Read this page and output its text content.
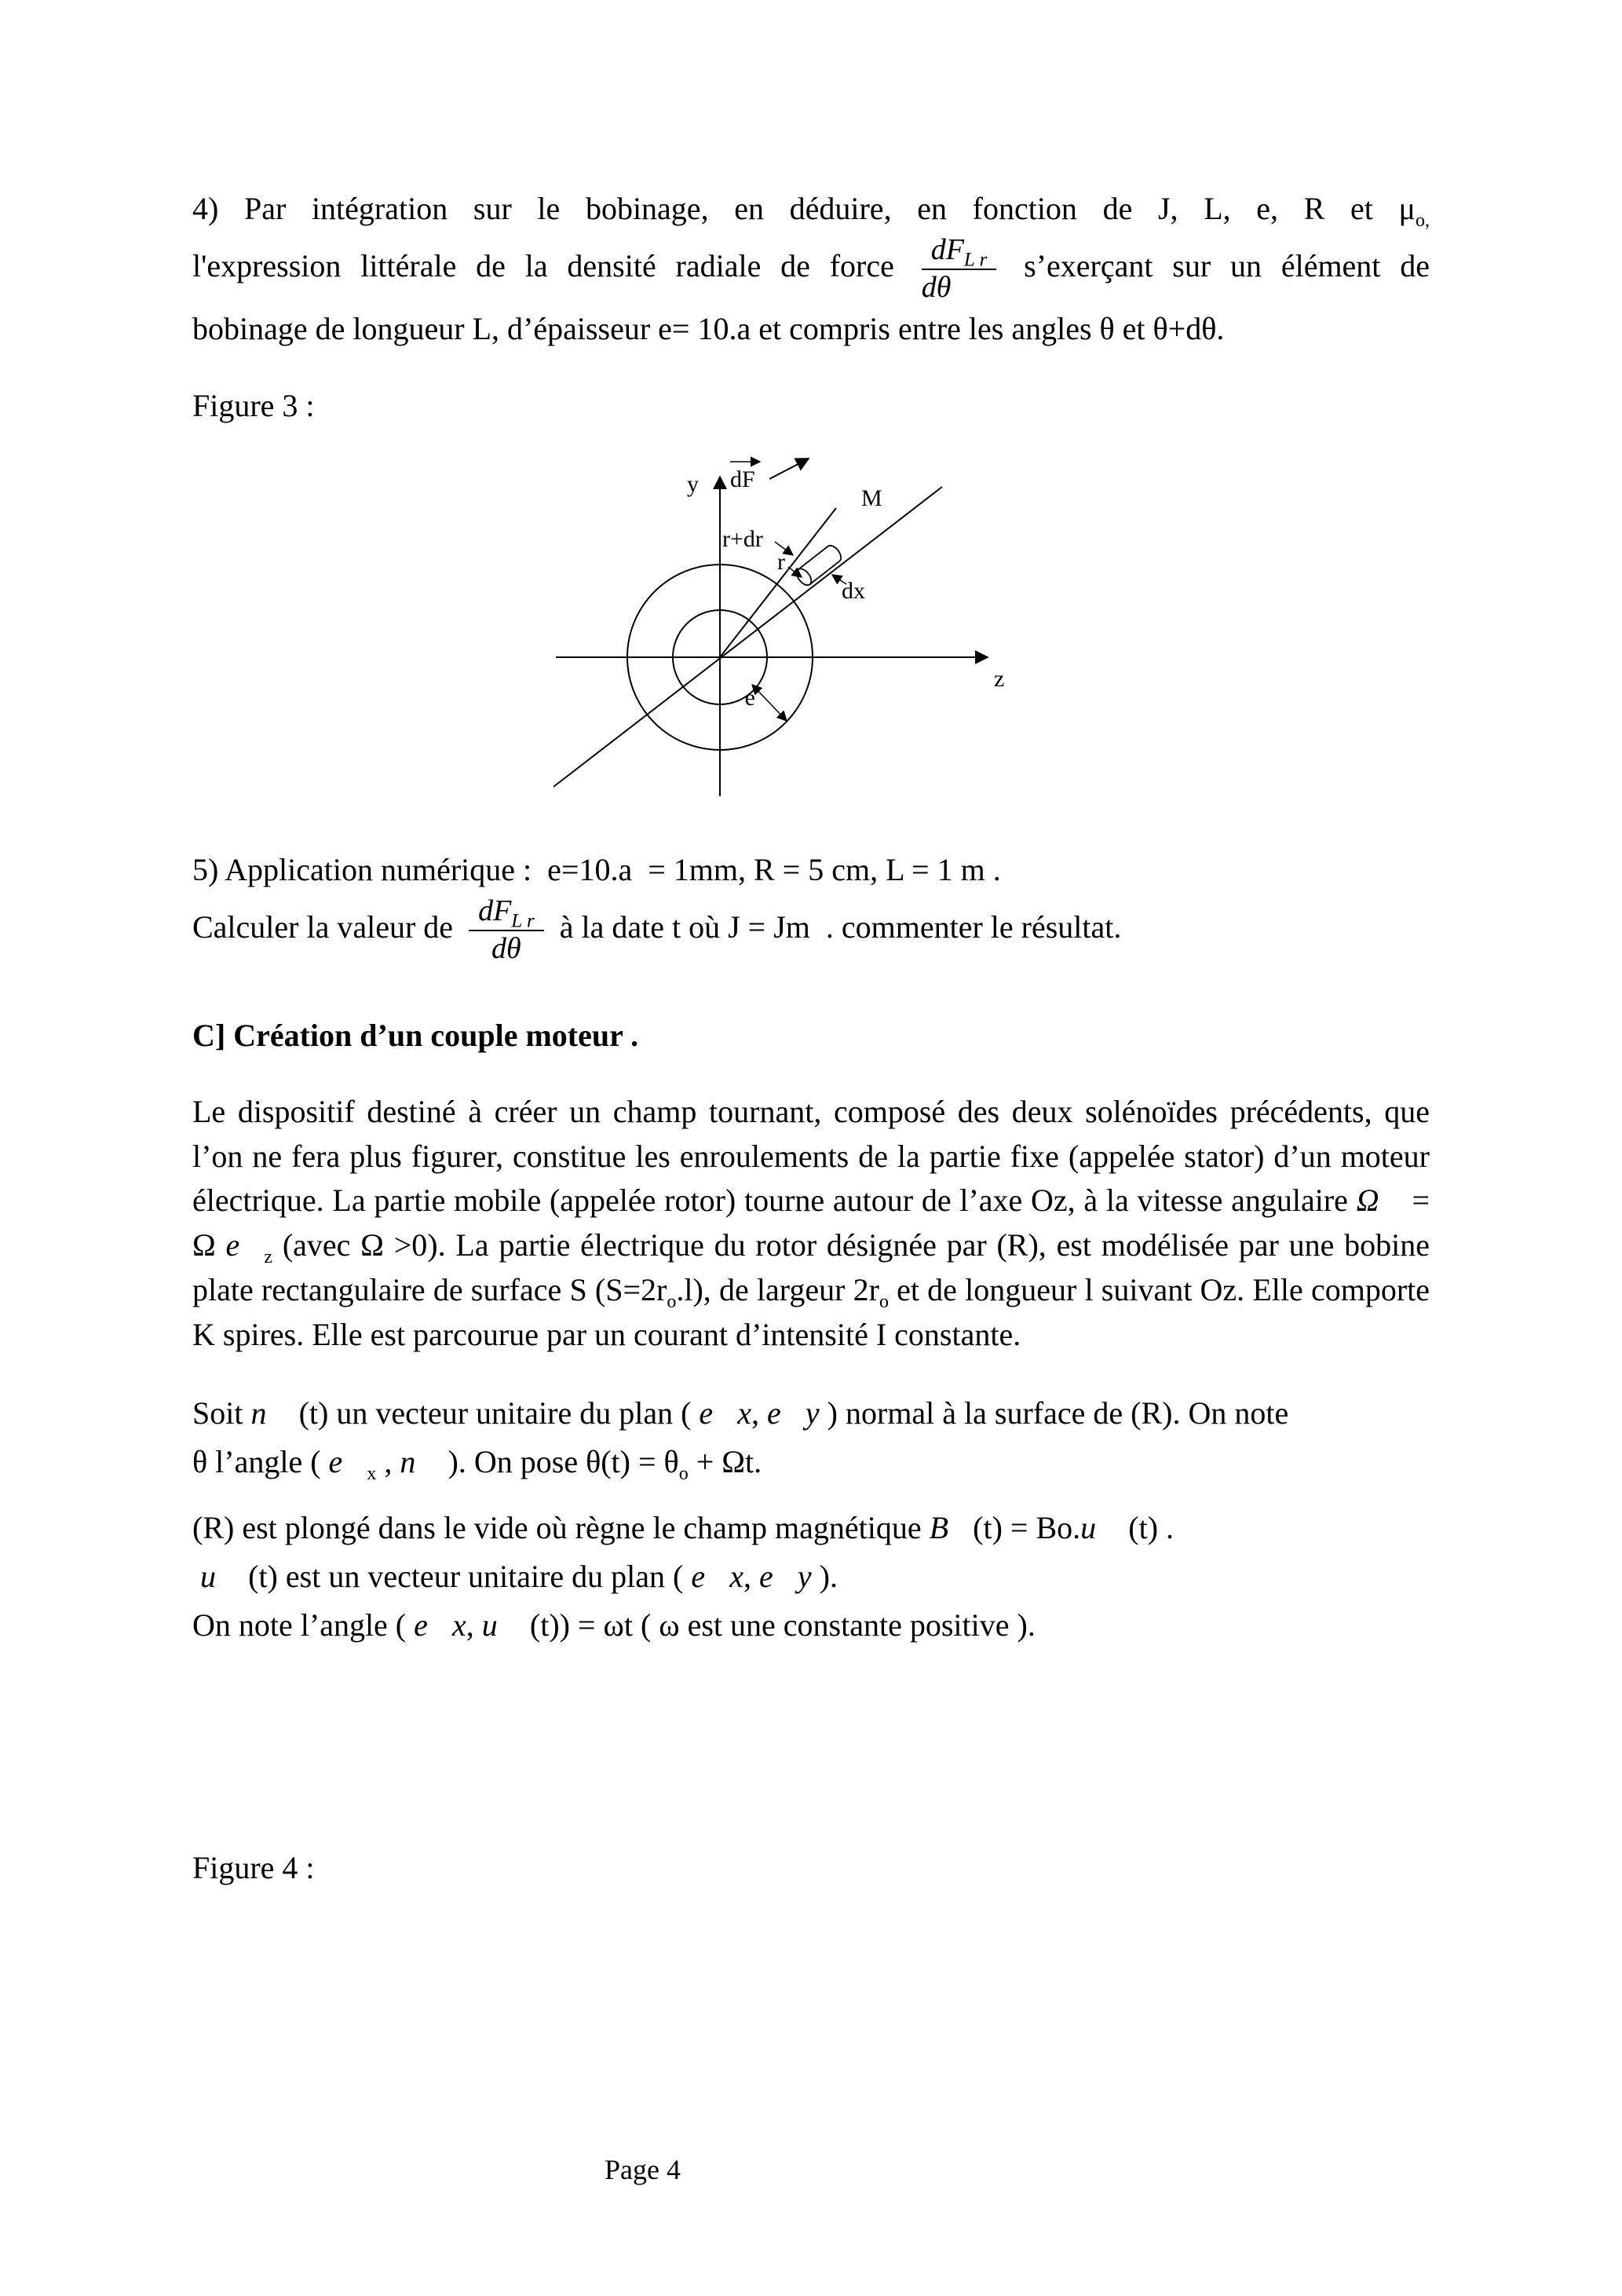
4) Par intégration sur le bobinage, en déduire, en fonction de J, L, e, R et $\mu_{o,}$
l'expression littérale de la densité radiale de force $\frac{dF_{L r}}{d\theta}$ s’exerçant sur un élément de
bobinage de longueur L, d’épaisseur e= 10.a et compris entre les angles θ et θ+dθ.
Figure 3 :
y
z
dF
M
r+dr
r
dx
e
5) Application numérique :  e=10.a  = 1mm, R = 5 cm, L = 1 m .
Calculer la valeur de $\frac{dF_{L r}}{d\theta}$ à la date t où J = Jm  . commenter le résultat.
C] Création d’un couple moteur .

Le dispositif destiné à créer un champ tournant, composé des deux solénoïdes précédents, que l’on ne fera plus figurer, constitue les enroulements de la partie fixe (appelée stator) d’un moteur électrique. La partie mobile (appelée rotor) tourne autour de l’axe Oz, à la vitesse angulaire Ω⃗ = Ω $e⃗_z$ (avec Ω >0). La partie électrique du rotor désignée par (R), est modélisée par une bobine plate rectangulaire de surface S $(S=2r_o.l)$, de largeur $2r_o$ et de longueur l suivant Oz. Elle comporte K spires. Elle est parcourue par un courant d’intensité I constante.

Soit n⃗ (t) un vecteur unitaire du plan ( e⃗x, e⃗y ) normal à la surface de (R). On note
θ l’angle ( $e⃗_x$ , n⃗ ). On pose $\theta(t) = \theta_o + \Omega t$.
(R) est plongé dans le vide où règne le champ magnétique B⃗(t) = Bo.u⃗ (t) .
u⃗ (t) est un vecteur unitaire du plan ( e⃗x, e⃗y ).
On note l’angle ( e⃗x, u⃗ (t)) = ωt ( ω est une constante positive ).
Figure 4 :
Page 4
